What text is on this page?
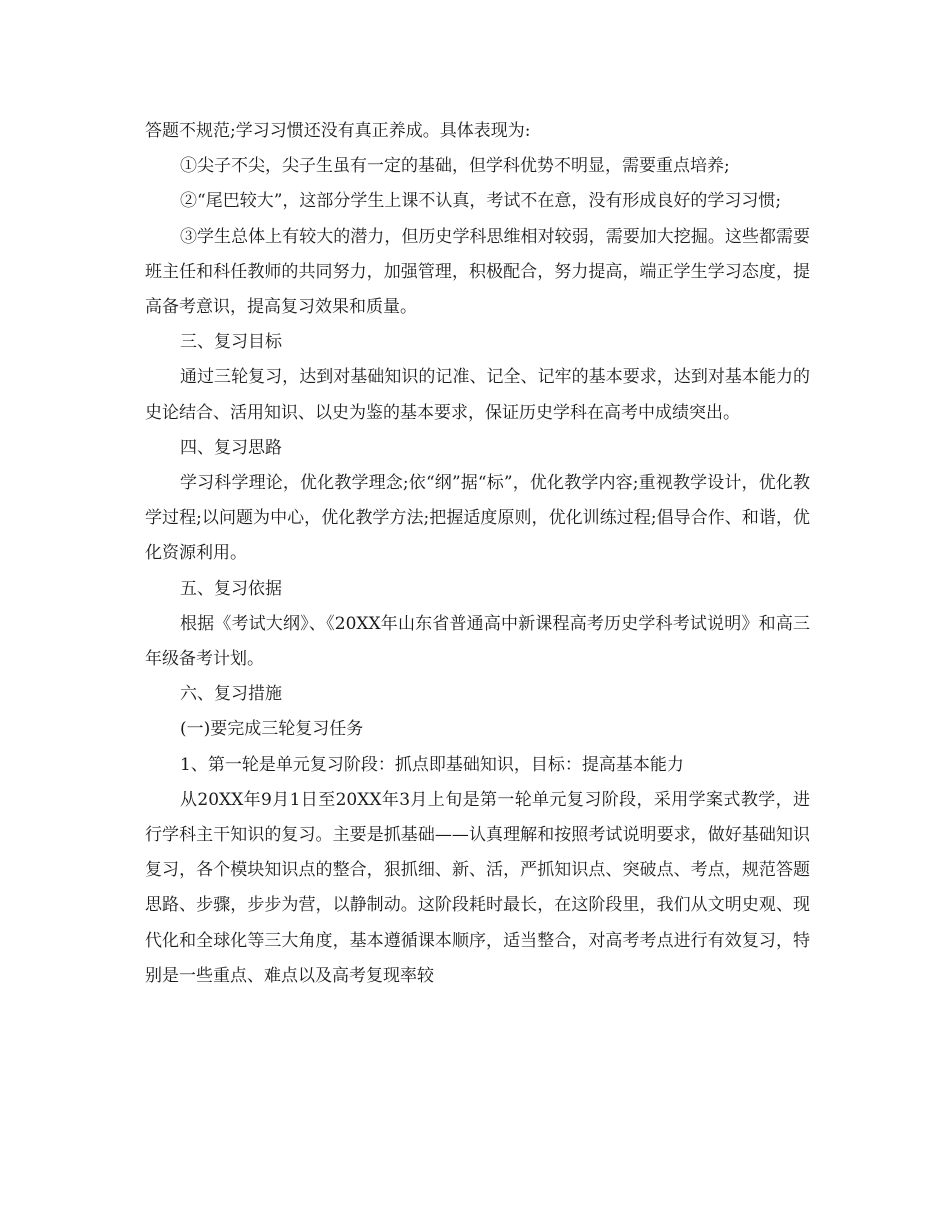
答题不规范;学习习惯还没有真正养成。具体表现为:

①尖子不尖，尖子生虽有一定的基础，但学科优势不明显，需要重点培养;

②“尾巴较大”，这部分学生上课不认真，考试不在意，没有形成良好的学习习惯;

③学生总体上有较大的潜力，但历史学科思维相对较弱，需要加大挖掘。这些都需要班主任和科任教师的共同努力，加强管理，积极配合，努力提高，端正学生学习态度，提高备考意识，提高复习效果和质量。

三、复习目标

通过三轮复习，达到对基础知识的记准、记全、记牢的基本要求，达到对基本能力的史论结合、活用知识、以史为鉴的基本要求，保证历史学科在高考中成绩突出。

四、复习思路

学习科学理论，优化教学理念;依“纲”据“标”，优化教学内容;重视教学设计，优化教学过程;以问题为中心，优化教学方法;把握适度原则，优化训练过程;倡导合作、和谐，优化资源利用。

五、复习依据

根据《考试大纲》、《20XX年山东省普通高中新课程高考历史学科考试说明》和高三年级备考计划。

六、复习措施

(一)要完成三轮复习任务

1、第一轮是单元复习阶段：抓点即基础知识，目标：提高基本能力

从20XX年9月1日至20XX年3月上旬是第一轮单元复习阶段，采用学案式教学，进行学科主干知识的复习。主要是抓基础——认真理解和按照考试说明要求，做好基础知识复习，各个模块知识点的整合，狠抓细、新、活，严抓知识点、突破点、考点，规范答题思路、步骤，步步为营，以静制动。这阶段耗时最长，在这阶段里，我们从文明史观、现代化和全球化等三大角度，基本遵循课本顺序，适当整合，对高考考点进行有效复习，特别是一些重点、难点以及高考复现率较
